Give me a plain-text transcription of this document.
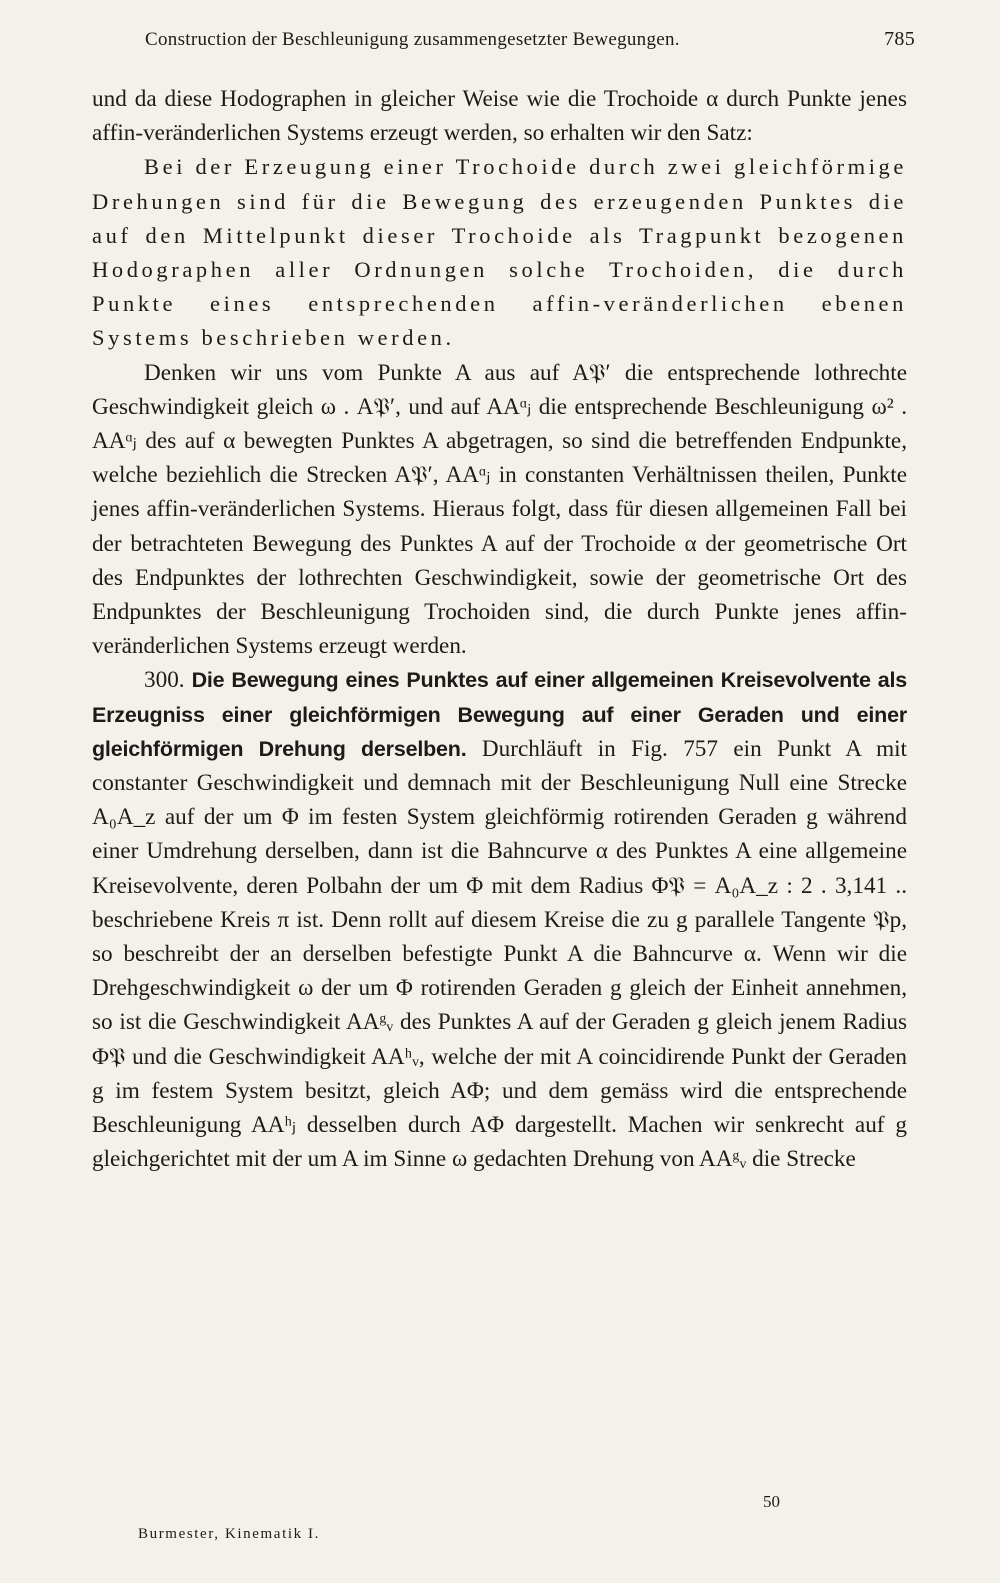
Construction der Beschleunigung zusammengesetzter Bewegungen.	785

und da diese Hodographen in gleicher Weise wie die Trochoide α durch Punkte jenes affin-veränderlichen Systems erzeugt werden, so erhalten wir den Satz:

Bei der Erzeugung einer Trochoide durch zwei gleichförmige Drehungen sind für die Bewegung des erzeugenden Punktes die auf den Mittelpunkt dieser Trochoide als Tragpunkt bezogenen Hodographen aller Ordnungen solche Trochoiden, die durch Punkte eines entsprechenden affin-veränderlichen ebenen Systems beschrieben werden.

Denken wir uns vom Punkte A aus auf A𝔓′ die entsprechende lothrechte Geschwindigkeit gleich ω . A𝔓′, und auf AAᵅⱼ die entsprechende Beschleunigung ω² . AAᵅⱼ des auf α bewegten Punktes A abgetragen, so sind die betreffenden Endpunkte, welche beziehlich die Strecken A𝔓′, AAᵅⱼ in constanten Verhältnissen theilen, Punkte jenes affin-veränderlichen Systems. Hieraus folgt, dass für diesen allgemeinen Fall bei der betrachteten Bewegung des Punktes A auf der Trochoide α der geometrische Ort des Endpunktes der lothrechten Geschwindigkeit, sowie der geometrische Ort des Endpunktes der Beschleunigung Trochoiden sind, die durch Punkte jenes affin-veränderlichen Systems erzeugt werden.

300. Die Bewegung eines Punktes auf einer allgemeinen Kreisevolvente als Erzeugniss einer gleichförmigen Bewegung auf einer Geraden und einer gleichförmigen Drehung derselben. Durchläuft in Fig. 757 ein Punkt A mit constanter Geschwindigkeit und demnach mit der Beschleunigung Null eine Strecke A₀A_z auf der um Φ im festen System gleichförmig rotirenden Geraden g während einer Umdrehung derselben, dann ist die Bahncurve α des Punktes A eine allgemeine Kreisevolvente, deren Polbahn der um Φ mit dem Radius Φ𝔓 = A₀A_z : 2 . 3,141 .. beschriebene Kreis π ist. Denn rollt auf diesem Kreise die zu g parallele Tangente 𝔓p, so beschreibt der an derselben befestigte Punkt A die Bahncurve α. Wenn wir die Drehgeschwindigkeit ω der um Φ rotirenden Geraden g gleich der Einheit annehmen, so ist die Geschwindigkeit AAᵍᵥ des Punktes A auf der Geraden g gleich jenem Radius Φ𝔓 und die Geschwindigkeit AAʰᵥ, welche der mit A coincidirende Punkt der Geraden g im festem System besitzt, gleich AΦ; und dem gemäss wird die entsprechende Beschleunigung AAʰⱼ desselben durch AΦ dargestellt. Machen wir senkrecht auf g gleichgerichtet mit der um A im Sinne ω gedachten Drehung von AAᵍᵥ die Strecke

50
Burmester, Kinematik I.
